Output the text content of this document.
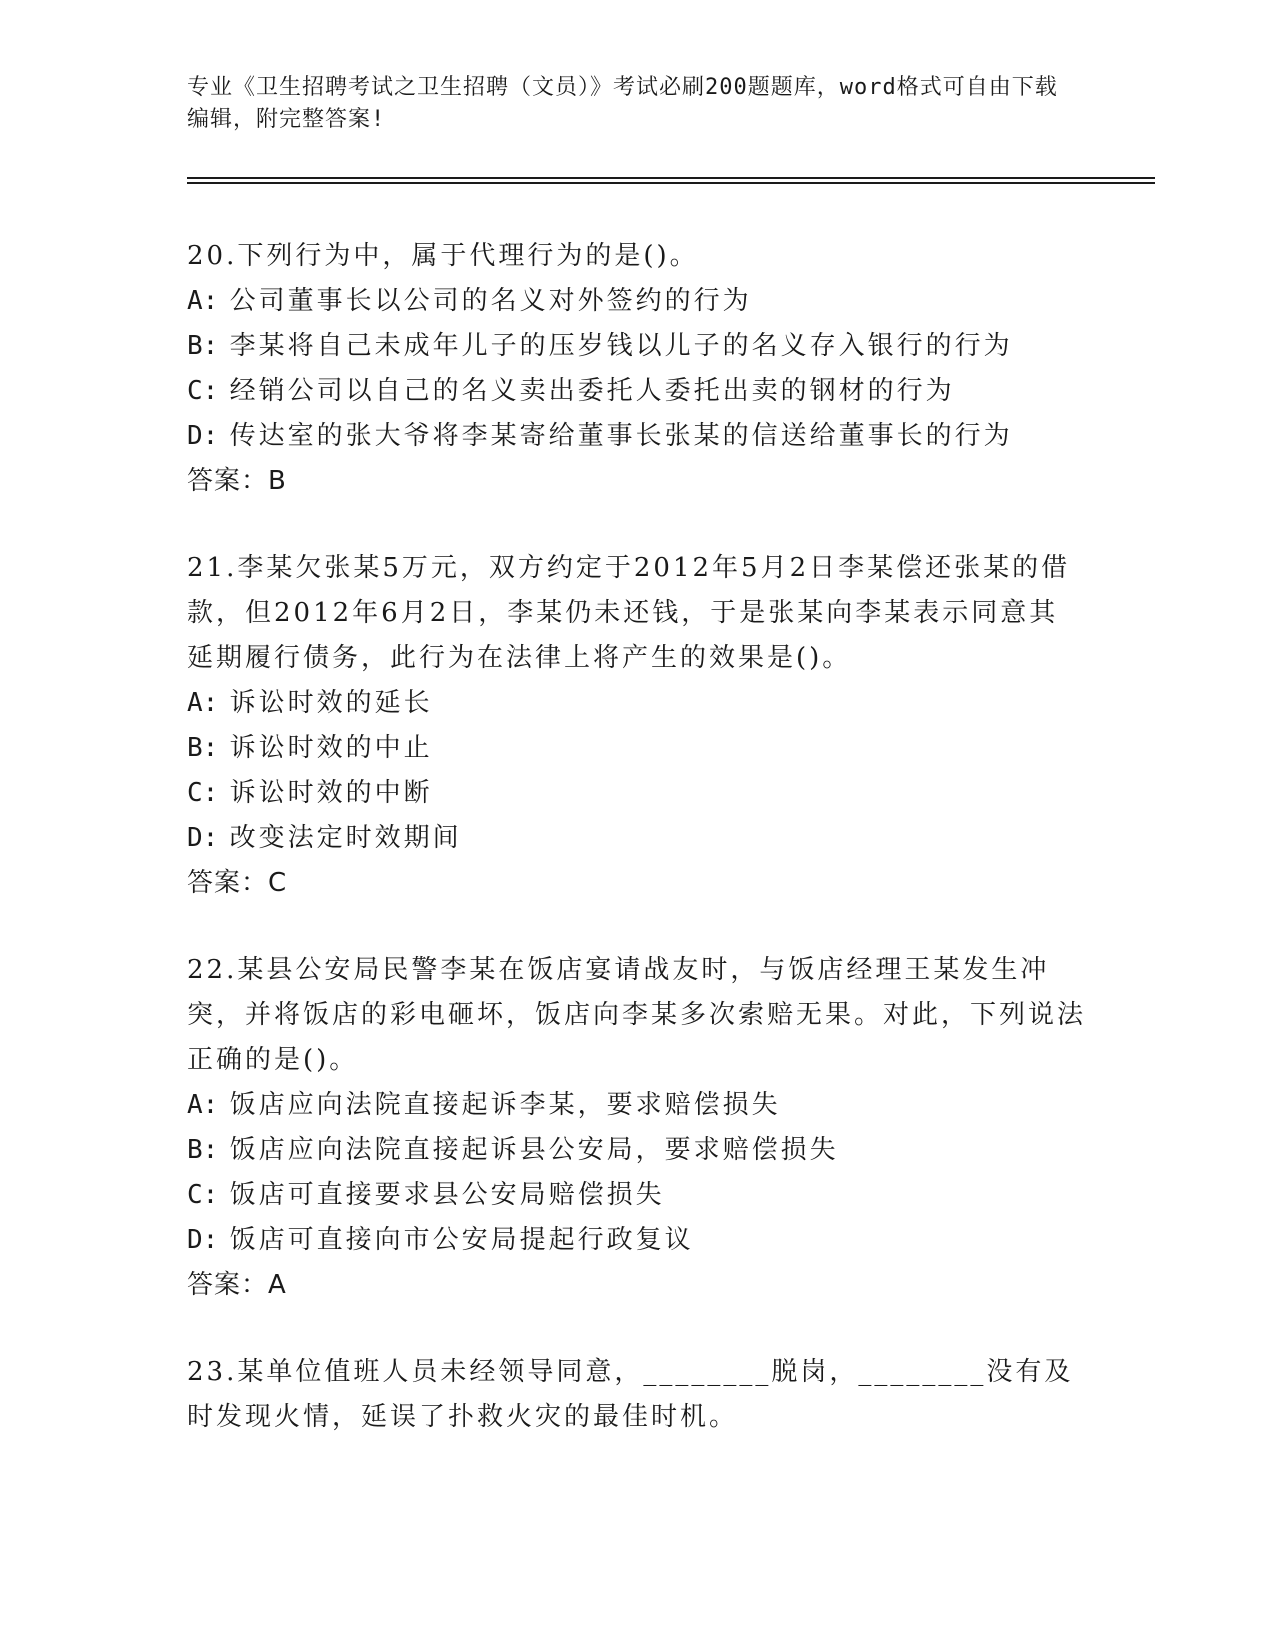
专业《卫生招聘考试之卫生招聘（文员）》考试必刷200题题库，word格式可自由下载编辑，附完整答案!
20.下列行为中，属于代理行为的是()。
A: 公司董事长以公司的名义对外签约的行为
B: 李某将自己未成年儿子的压岁钱以儿子的名义存入银行的行为
C: 经销公司以自己的名义卖出委托人委托出卖的钢材的行为
D: 传达室的张大爷将李某寄给董事长张某的信送给董事长的行为
答案：B
21.李某欠张某5万元，双方约定于2012年5月2日李某偿还张某的借款，但2012年6月2日，李某仍未还钱，于是张某向李某表示同意其延期履行债务，此行为在法律上将产生的效果是()。
A: 诉讼时效的延长
B: 诉讼时效的中止
C: 诉讼时效的中断
D: 改变法定时效期间
答案：C
22.某县公安局民警李某在饭店宴请战友时，与饭店经理王某发生冲突，并将饭店的彩电砸坏，饭店向李某多次索赔无果。对此，下列说法正确的是()。
A: 饭店应向法院直接起诉李某，要求赔偿损失
B: 饭店应向法院直接起诉县公安局，要求赔偿损失
C: 饭店可直接要求县公安局赔偿损失
D: 饭店可直接向市公安局提起行政复议
答案：A
23.某单位值班人员未经领导同意，________脱岗，________没有及时发现火情，延误了扑救火灾的最佳时机。
